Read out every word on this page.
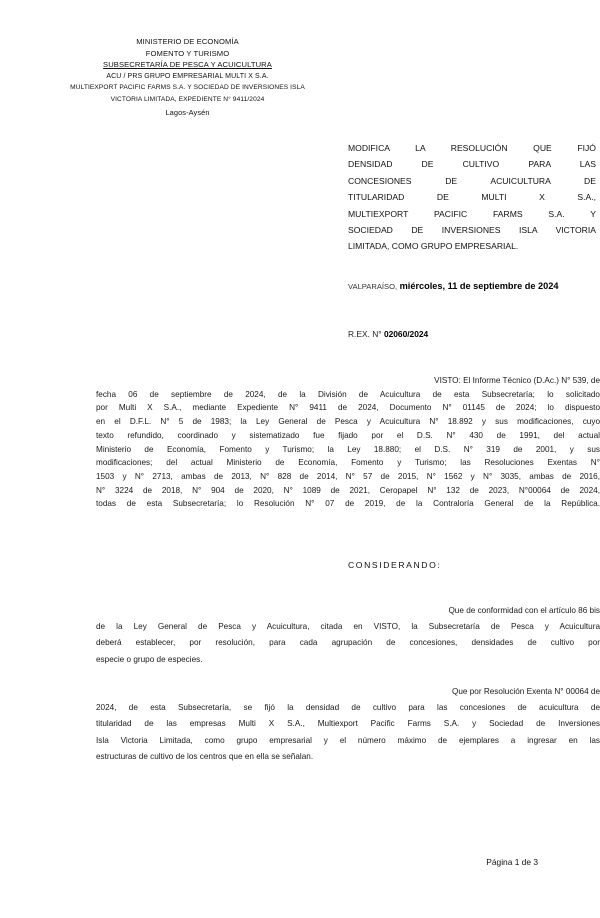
MINISTERIO DE ECONOMÍA
FOMENTO Y TURISMO
SUBSECRETARÍA DE PESCA Y ACUICULTURA
ACU / PRS GRUPO EMPRESARIAL MULTI X S.A.
MULTIEXPORT PACIFIC FARMS S.A. Y SOCIEDAD DE INVERSIONES ISLA
VICTORIA LIMITADA, EXPEDIENTE N° 9411/2024
Lagos-Aysén
MODIFICA LA RESOLUCIÓN QUE FIJÓ
DENSIDAD DE CULTIVO PARA LAS
CONCESIONES DE ACUICULTURA DE
TITULARIDAD DE MULTI X S.A.,
MULTIEXPORT PACIFIC FARMS S.A. Y
SOCIEDAD DE INVERSIONES ISLA VICTORIA
LIMITADA, COMO GRUPO EMPRESARIAL.
VALPARAÍSO, miércoles, 11 de septiembre de 2024
R.EX. N° 02060/2024
VISTO: El Informe Técnico (D.Ac.) N° 539, de
fecha 06 de septiembre de 2024, de la División de Acuicultura de esta Subsecretaría; lo solicitado
por Multi X S.A., mediante Expediente N° 9411 de 2024, Documento N° 01145 de 2024; lo dispuesto
en el D.F.L. N° 5 de 1983; la Ley General de Pesca y Acuicultura N° 18.892 y sus modificaciones, cuyo
texto refundido, coordinado y sistematizado fue fijado por el D.S. N° 430 de 1991, del actual
Ministerio de Economía, Fomento y Turismo; la Ley 18.880; el D.S. N° 319 de 2001, y sus
modificaciones; del actual Ministerio de Economía, Fomento y Turismo; las Resoluciones Exentas N°
1503 y N° 2713, ambas de 2013, N° 828 de 2014, N° 57 de 2015, N° 1562 y N° 3035, ambas de 2016,
N° 3224 de 2018, N° 904 de 2020, N° 1089 de 2021, Ceropapel N° 132 de 2023, N°00064 de 2024,
todas de esta Subsecretaría; lo Resolución N° 07 de 2019, de la Contraloría General de la República.
CONSIDERANDO:
Que de conformidad con el artículo 86 bis
de la Ley General de Pesca y Acuicultura, citada en VISTO, la Subsecretaría de Pesca y Acuicultura
deberá establecer, por resolución, para cada agrupación de concesiones, densidades de cultivo por
especie o grupo de especies.
Que por Resolución Exenta N° 00064 de
2024, de esta Subsecretaría, se fijó la densidad de cultivo para las concesiones de acuicultura de
titularidad de las empresas Multi X S.A., Multiexport Pacific Farms S.A. y Sociedad de Inversiones
Isla Victoria Limitada, como grupo empresarial y el número máximo de ejemplares a ingresar en las
estructuras de cultivo de los centros que en ella se señalan.
Página 1 de 3
